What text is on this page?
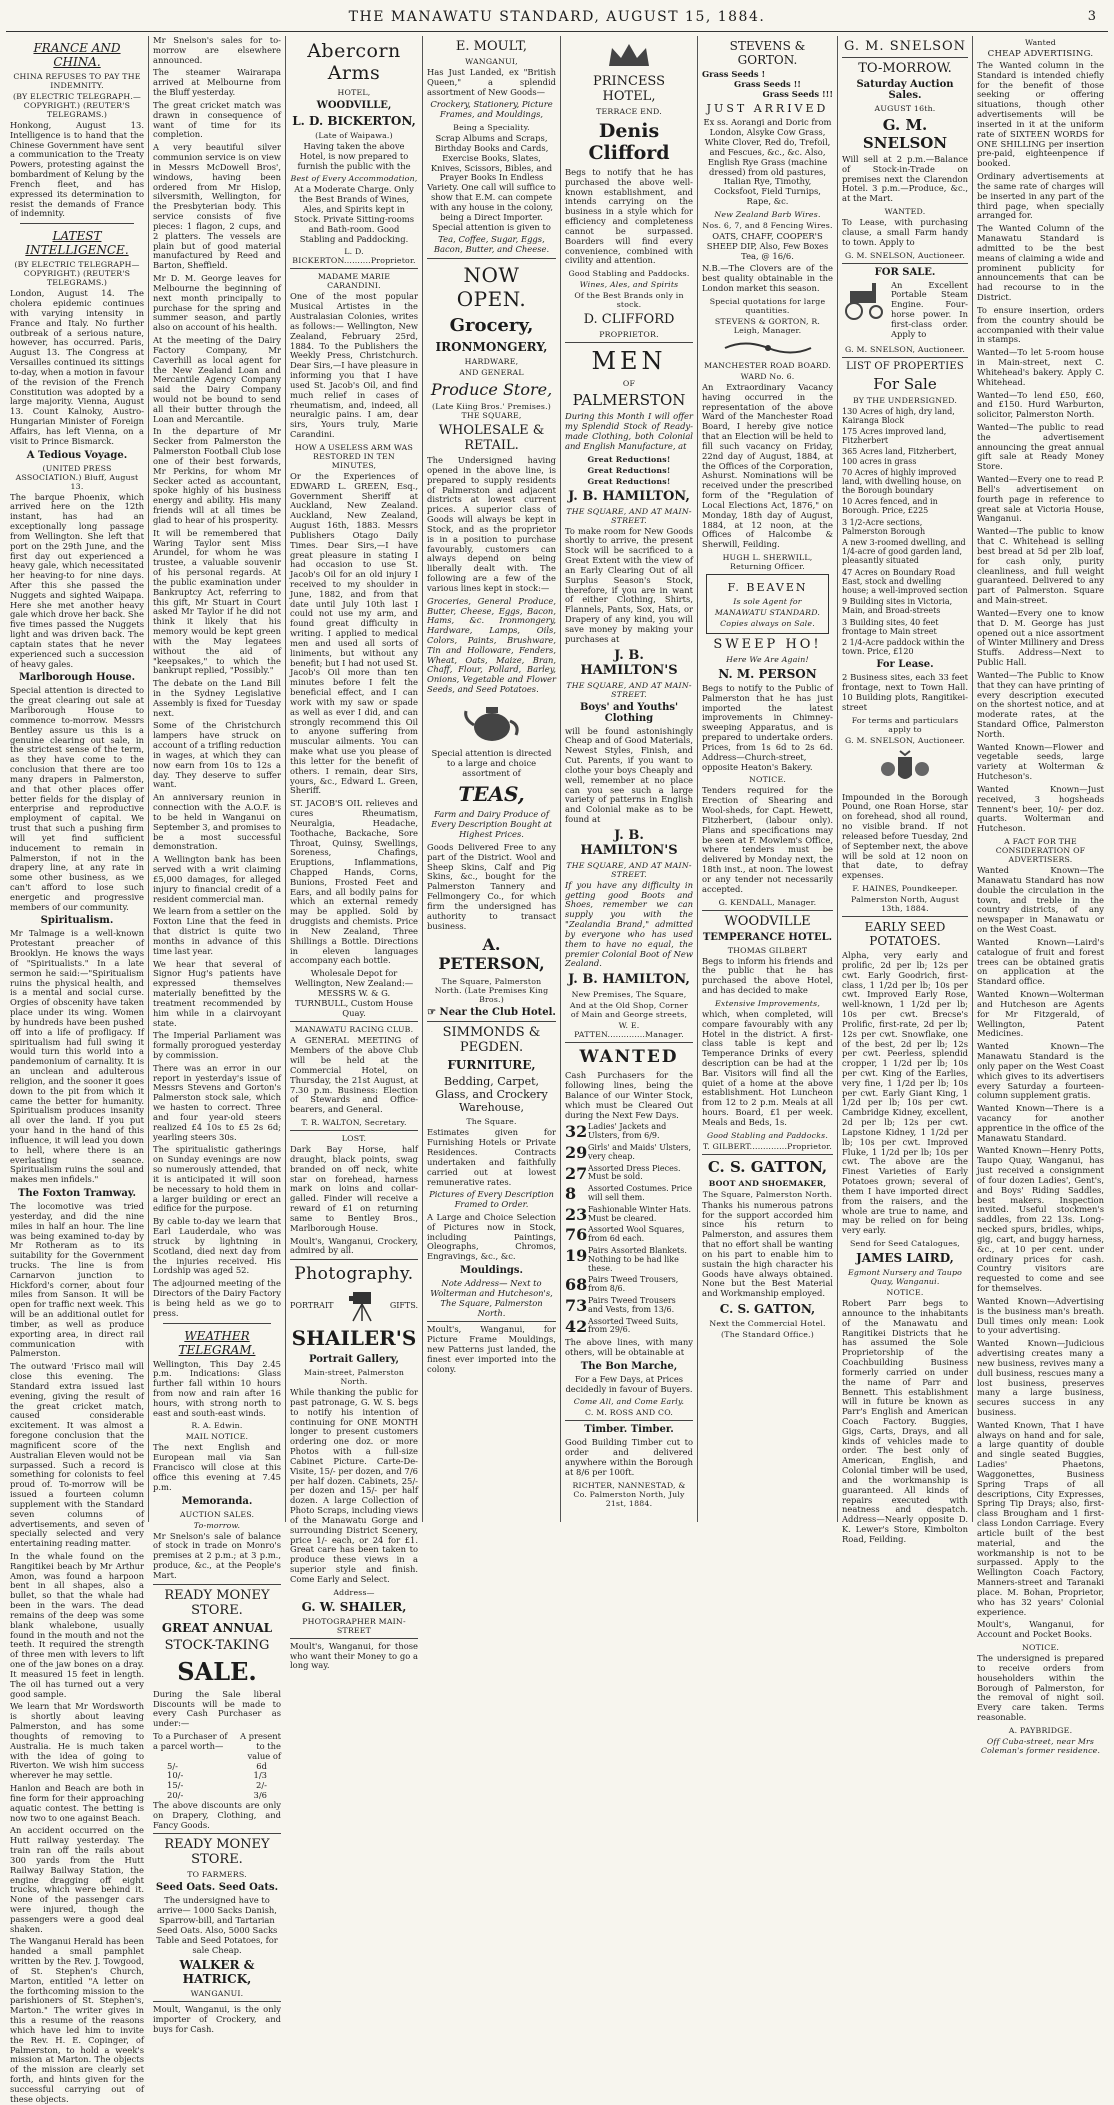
THE MANAWATU STANDARD, AUGUST 15, 1884.	3
FRANCE AND CHINA.
CHINA REFUSES TO PAY THE INDEMNITY.
(BY ELECTRIC TELEGRAPH.—COPYRIGHT.) (REUTER'S TELEGRAMS.)

Honkong, August 13. Intelligence is to hand that the Chinese Government have sent a communication to the Treaty Powers, protesting against the bombardment of Kelung by the French fleet, and has expressed its determination to resist the demands of France of indemnity.

LATEST INTELLIGENCE.
(BY ELECTRIC TELEGRAPH—COPYRIGHT.) (REUTER'S TELEGRAMS.)

London, August 14. The cholera epidemic continues with varying intensity in France and Italy. No further outbreak of a serious nature, however, has occurred. Paris, August 13. The Congress at Versailles continued its sittings to-day, when a motion in favour of the revision of the French Constitution was adopted by a large majority. Vienna, August 13. Count Kalnoky, Austro-Hungarian Minister of Foreign Affairs, has left Vienna, on a visit to Prince Bismarck.

A Tedious Voyage.
(UNITED PRESS ASSOCIATION.) Bluff, August 13.

The barque Phoenix, which arrived here on the 12th instant, has had an exceptionally long passage from Wellington. She left that port on the 29th June, and the first day out experienced a heavy gale, which necessitated her heaving-to for nine days. After this she passed the Nuggets and sighted Waipapa. Here she met another heavy gale which drove her back. She five times passed the Nuggets light and was driven back. The captain states that he never experienced such a succession of heavy gales.

Marlborough House.

Special attention is directed to the great clearing out sale at Marlborough House to commence to-morrow. Messrs Bentley assure us this is a genuine clearing out sale, in the strictest sense of the term, as they have come to the conclusion that there are too many drapers in Palmerston, and that other places offer better fields for the display of enterprise and reproductive employment of capital. We trust that such a pushing firm will yet find sufficient inducement to remain in Palmerston, if not in the drapery line, at any rate in some other business, as we can't afford to lose such energetic and progressive members of our community.

Spiritualism.

Mr Talmage is a well-known Protestant preacher of Brooklyn. He knows the ways of "Spiritualists." In a late sermon he said:—"Spiritualism ruins the physical health, and is a mental and social curse. Orgies of obscenity have taken place under its wing. Women by hundreds have been pushed off into a life of profligacy. If spiritualism had full swing it would turn this world into a pandemonium of carnality. It is an unclean and adulterous religion, and the sooner it goes down to the pit from which it came the better for humanity. Spiritualism produces insanity all over the land. If you put your hand in the hand of this influence, it will lead you down to hell, where there is an everlasting seance. Spiritualism ruins the soul and makes men infidels."

The Foxton Tramway.

The locomotive was tried yesterday, and did the nine miles in half an hour. The line was being examined to-day by Mr Rotheram as to its suitability for the Government trucks. The line is from Carnarvon junction to Hickford's corner, about four miles from Sanson. It will be open for traffic next week. This will be an additional outlet for timber, as well as produce exporting area, in direct rail communication with Palmerston.

The outward 'Frisco mail will close this evening. The Standard extra issued last evening, giving the result of the great cricket match, caused considerable excitement. It was almost a foregone conclusion that the magnificent score of the Australian Eleven would not be surpassed. Such a record is something for colonists to feel proud of. To-morrow will be issued a fourteen column supplement with the Standard seven columns of advertisements, and seven of specially selected and very entertaining reading matter.

In the whale found on the Rangitikei beach by Mr Arthur Amon, was found a harpoon bent in all shapes, also a bullet, so that the whale had been in the wars. The dead remains of the deep was some blank whalebone, usually found in the mouth and not the teeth. It required the strength of three men with levers to lift one of the jaw bones on a dray. It measured 15 feet in length. The oil has turned out a very good sample.

We learn that Mr Wordsworth is shortly about leaving Palmerston, and has some thoughts of removing to Australia. He is much taken with the idea of going to Riverton. We wish him success wherever he may settle.

Hanlon and Beach are both in fine form for their approaching aquatic contest. The betting is now two to one against Beach.

An accident occurred on the Hutt railway yesterday. The train ran off the rails about 300 yards from the Hutt Railway Bailway Station, the engine dragging off eight trucks, which were behind it. None of the passenger cars were injured, though the passengers were a good deal shaken.

The Wanganui Herald has been handed a small pamphlet written by the Rev. J. Towgood, of St. Stephen's Church, Marton, entitled "A letter on the forthcoming mission to the parishioners of St. Stephen's, Marton." The writer gives in this a resume of the reasons which have led him to invite the Rev. H. E. Copinger, of Palmerston, to hold a week's mission at Marton. The objects of the mission are clearly set forth, and hints given for the successful carrying out of these objects.

Mr Snelson's sales for to-morrow are elsewhere announced.

The steamer Wairarapa arrived at Melbourne from the Bluff yesterday.

The great cricket match was drawn in consequence of want of time for its completion.

A very beautiful silver communion service is on view in Messrs McDowell Bros', windows, having been ordered from Mr Hislop, silversmith, Wellington, for the Presbyterian body. This service consists of five pieces: 1 flagon, 2 cups, and 2 platters. The vessels are plain but of good material manufactured by Reed and Barton, Sheffield.

Mr D. M. George leaves for Melbourne the beginning of next month principally to purchase for the spring and summer season, and partly also on account of his health.

At the meeting of the Dairy Factory Company, Mr Caverhill as local agent for the New Zealand Loan and Mercantile Agency Company said the Dairy Company would not be bound to send all their butter through the Loan and Mercantile.

In the departure of Mr Secker from Palmerston the Palmerston Football Club lose one of their best forwards, Mr Perkins, for whom Mr Secker acted as accountant, spoke highly of his business energy and ability. His many friends will at all times be glad to hear of his prosperity.

It will be remembered that Waring Taylor sent Miss Arundel, for whom he was trustee, a valuable souvenir of his personal regards. At the public examination under Bankruptcy Act, referring to this gift, Mr Stuart in Court asked Mr Taylor if he did not think it likely that his memory would be kept green with the May legatees without the aid of "keepsakes," to which the bankrupt replied, "Possibly."

The debate on the Land Bill in the Sydney Legislative Assembly is fixed for Tuesday next.

Some of the Christchurch lampers have struck on account of a trifling reduction in wages, at which they can now earn from 10s to 12s a day. They deserve to suffer want.

An anniversary reunion in connection with the A.O.F. is to be held in Wanganui on September 3, and promises to be a most successful demonstration.

A Wellington bank has been served with a writ claiming £5,000 damages, for alleged injury to financial credit of a resident commercial man.

We learn from a settler on the Foxton Line that the feed in that district is quite two months in advance of this time last year.

We hear that several of Signor Hug's patients have expressed themselves materially benefitted by the treatment recommended by him while in a clairvoyant state.

The Imperial Parliament was formally prorogued yesterday by commission.

There was an error in our report in yesterday's issue of Messrs Stevens and Gorton's Palmerston stock sale, which we hasten to correct. Three and four year-old steers realized £4 10s to £5 2s 6d; yearling steers 30s.

The spiritualistic gatherings on Sunday evenings are now so numerously attended, that it is anticipated it will soon be necessary to hold them in a larger building or erect an edifice for the purpose.

By cable to-day we learn that Earl Lauderdale, who was struck by lightning in Scotland, died next day from the injuries received. His Lordship was aged 52.

The adjourned meeting of the Directors of the Dairy Factory is being held as we go to press.

WEATHER TELEGRAM.

Wellington, This Day 2.45 p.m. Indications: Glass further fall within 10 hours from now and rain after 16 hours, with strong north to east and south-east winds.

R. A. Edwin.
MAIL NOTICE.

The next English and European mail via San Francisco will close at this office this evening at 7.45 p.m.

Memoranda.
AUCTION SALES.
To-morrow.

Mr Snelson's sale of balance of stock in trade on Monro's premises at 2 p.m.; at 3 p.m., produce, &c., at the People's Mart.

READY MONEY STORE.
GREAT ANNUAL
STOCK-TAKING
SALE.

During the Sale liberal Discounts will be made to every Cash Purchaser as under:—

To a Purchaser of a parcel worth—
A present to the value of
5/-	6d
10/-	1/3
15/-	2/-
20/-	3/6

The above discounts are only on Drapery, Clothing, and Fancy Goods.

READY MONEY STORE.
TO FARMERS.
Seed Oats. Seed Oats.

The undersigned have to arrive— 1000 Sacks Danish, Sparrow-bill, and Tartarian Seed Oats. Also, 5000 Sacks Table and Seed Potatoes, for sale Cheap.

WALKER & HATRICK,
WANGANUI.

Moult, Wanganui, is the only importer of Crockery, and buys for Cash.

Abercorn Arms
HOTEL,
WOODVILLE,
L. D. BICKERTON,
(Late of Waipawa.)

Having taken the above Hotel, is now prepared to furnish the public with the

Best of Every Accommodation,

At a Moderate Charge. Only the Best Brands of Wines, Ales, and Spirits kept in Stock. Private Sitting-rooms and Bath-room. Good Stabling and Paddocking.

L. D. BICKERTON..........Proprietor.
MADAME MARIE CARANDINI.

One of the most popular Musical Artistes in the Australasian Colonies, writes as follows:— Wellington, New Zealand, February 25rd, 1884. To the Publishers the Weekly Press, Christchurch. Dear Sirs,—I have pleasure in informing you that I have used St. Jacob's Oil, and find much relief in cases of rheumatism, and, indeed, all neuralgic pains. I am, dear sirs, Yours truly, Marie Carandini.

HOW A USELESS ARM WAS RESTORED IN TEN MINUTES,

Or the Experiences of EDWARD L. GREEN, Esq., Government Sheriff at Auckland, New Zealand. Auckland, New Zealand, August 16th, 1883. Messrs Publishers Otago Daily Times. Dear Sirs,—I have great pleasure in stating I had occasion to use St. Jacob's Oil for an old injury I received to my shoulder in June, 1882, and from that date until July 10th last I could not use my arm, and found great difficulty in writing. I applied to medical men and used all sorts of liniments, but without any benefit; but I had not used St. Jacob's Oil more than ten minutes before I felt the beneficial effect, and I can work with my saw or spade as well as ever I did, and can strongly recommend this Oil to anyone suffering from muscular ailments. You can make what use you please of this letter for the benefit of others. I remain, dear Sirs, yours, &c., Edward L. Green, Sheriff.

ST. JACOB'S OIL relieves and cures Rheumatism, Neuralgia, Headache, Toothache, Backache, Sore Throat, Quinsy, Swellings, Soreness, Chafings, Eruptions, Inflammations, Chapped Hands, Corns, Bunions, Frosted Feet and Ears, and all bodily pains for which an external remedy may be applied. Sold by druggists and chemists. Price in New Zealand, Three Shillings a Bottle. Directions in eleven languages accompany each bottle.

Wholesale Depot for Wellington, New Zealand:— MESSRS W. & G. TURNBULL, Custom House Quay.

MANAWATU RACING CLUB.

A GENERAL MEETING of Members of the above Club will be held at the Commercial Hotel, on Thursday, the 21st August, at 7.30 p.m. Business: Election of Stewards and Office-bearers, and General.

T. R. WALTON, Secretary.
LOST.

Dark Bay Horse, half draught, black points, swag branded on off neck, white star on forehead, harness mark on loins and collar-galled. Finder will receive a reward of £1 on returning same to Bentley Bros., Marlborough House.

Moult's, Wanganui, Crockery, admired by all.

Photography.
PORTRAIT	GIFTS.
SHAILER'S
Portrait Gallery,
Main-street, Palmerston North.

While thanking the public for past patronage, G. W. S. begs to notify his intention of continuing for ONE MONTH longer to present customers ordering one doz. or more Photos with a full-size Cabinet Picture. Carte-De-Visite, 15/- per dozen, and 7/6 per half dozen. Cabinets, 25/- per dozen and 15/- per half dozen. A large Collection of Photo Scraps, including views of the Manawatu Gorge and surrounding District Scenery, price 1/- each, or 24 for £1. Great care has been taken to produce these views in a superior style and finish. Come Early and Select.

Address—
G. W. SHAILER,
PHOTOGRAPHER MAIN-STREET

Moult's, Wanganui, for those who want their Money to go a long way.

E. MOULT,
WANGANUI,

Has Just Landed, ex "British Queen," a splendid assortment of New Goods—

Crockery, Stationery, Picture Frames, and Mouldings,

Being a Speciality.

Scrap Albums and Scraps, Birthday Books and Cards, Exercise Books, Slates, Knives, Scissors, Bibles, and Prayer Books In Endless Variety. One call will suffice to show that E.M. can compete with any house in the colony, being a Direct Importer. Special attention is given to

Tea, Coffee, Sugar, Eggs, Bacon, Butter, and Cheese.

NOW OPEN.
Grocery,
IRONMONGERY,
HARDWARE,
AND GENERAL
Produce Store,
(Late Kiing Bros.' Premises.) THE SQUARE,
WHOLESALE & RETAIL.

The Undersigned having opened in the above line, is prepared to supply residents of Palmerston and adjacent districts at lowest current prices. A superior class of Goods will always be kept in Stock, and as the proprietor is in a position to purchase favourably, customers can always depend on being liberally dealt with. The following are a few of the various lines kept in stock:—

Groceries, General Produce, Butter, Cheese, Eggs, Bacon, Hams, &c. Ironmongery, Hardware, Lamps, Oils, Colors, Paints, Brushware, Tin and Holloware, Fenders, Wheat, Oats, Maize, Bran, Chaff, Flour, Pollard, Barley, Onions, Vegetable and Flower Seeds, and Seed Potatoes.

Special attention is directed to a large and choice assortment of

TEAS,

Farm and Dairy Produce of Every Description Bought at Highest Prices.

Goods Delivered Free to any part of the District. Wool and Sheep Skins, Calf and Pig Skins, &c., bought for the Palmerston Tannery and Fellmongery Co., for which firm the undersigned has authority to transact business.

A. PETERSON,
The Square, Palmerston North. (Late Premises King Bros.)
☞ Near the Club Hotel.
SIMMONDS & PEGDEN.
FURNITURE,
Bedding, Carpet, Glass, and Crockery Warehouse,
The Square.

Estimates given for Furnishing Hotels or Private Residences. Contracts undertaken and faithfully carried out at lowest remunerative rates.

Pictures of Every Description Framed to Order.

A Large and Choice Selection of Pictures now in Stock, including Paintings, Oleographs, Chromos, Engravings, &c., &c.

Mouldings.

Note Address— Next to Wolterman and Hutcheson's, The Square, Palmerston North.

Moult's, Wanganui, for Picture Frame Mouldings, new Patterns just landed, the finest ever imported into the colony.

PRINCESS HOTEL,
TERRACE END.
Denis Clifford

Begs to notify that he has purchased the above well-known establishment, and intends carrying on the business in a style which for efficiency and completeness cannot be surpassed. Boarders will find every convenience, combined with civility and attention.

Good Stabling and Paddocks.
Wines, Ales, and Spirits
Of the Best Brands only in stock.
D. CLIFFORD
PROPRIETOR.
MEN
OF
PALMERSTON

During this Month I will offer my Splendid Stock of Ready-made Clothing, both Colonial and English Manufacture, at

Great Reductions!
Great Reductions!
Great Reductions!
J. B. HAMILTON,
THE SQUARE, AND AT MAIN-STREET.

To make room for New Goods shortly to arrive, the present Stock will be sacrificed to a Great Extent with the view of an Early Clearing Out of all Surplus Season's Stock, therefore, if you are in want of either Clothing, Shirts, Flannels, Pants, Sox, Hats, or Drapery of any kind, you will save money by making your purchases at

J. B. HAMILTON'S
THE SQUARE, AND AT MAIN-STREET.
Boys' and Youths' Clothing

will be found astonishingly Cheap and of Good Materials, Newest Styles, Finish, and Cut. Parents, if you want to clothe your boys Cheaply and well, remember at no place can you see such a large variety of patterns in English and Colonial make as to be found at

J. B. HAMILTON'S
THE SQUARE, AND AT MAIN-STREET.

If you have any difficulty in getting good Boots and Shoes, remember we can supply you with the "Zealandia Brand," admitted by everyone who has used them to have no equal, the premier Colonial Boot of New Zealand.

J. B. HAMILTON,
New Premises, The Square,
And at the Old Shop, Corner of Main and George streets,
W. E. PATTEN..............Manager.
WANTED

Cash Purchasers for the following lines, being the Balance of our Winter Stock, which must be Cleared Out during the Next Few Days.

32 Ladies' Jackets and Ulsters, from 6/9.
29 Girls' and Maids' Ulsters, very cheap.
27 Assorted Dress Pieces. Must be sold.
8	Assorted Costumes. Price will sell them.
23 Fashionable Winter Hats. Must be cleared.
76 Assorted Wool Squares, from 6d each.
19 Pairs Assorted Blankets. Nothing to be had like these.
68 Pairs Tweed Trousers, from 8/6.
73 Pairs Tweed Trousers and Vests, from 13/6.
42 Assorted Tweed Suits, from 29/6.

The above lines, with many others, will be obtainable at

The Bon Marche,

For a Few Days, at Prices decidedly in favour of Buyers.

Come All, and Come Early.
C. M. ROSS AND CO.
Timber. Timber.

Good Building Timber cut to order and delivered anywhere within the Borough at 8/6 per 100ft.

RICHTER, NANNESTAD, & Co. Palmerston North, July 21st, 1884.
STEVENS & GORTON.
Grass Seeds !
Grass Seeds !!
Grass Seeds !!!
JUST ARRIVED

Ex ss. Aorangi and Doric from London, Alsyke Cow Grass, White Clover, Red do, Trefoil, and Fescues, &c., &c. Also, English Rye Grass (machine dressed) from old pastures, Italian Rye, Timothy, Cocksfoot, Field Turnips, Rape, &c.

New Zealand Barb Wires.
Nos. 6, 7, and 8 Fencing Wires.

OATS, CHAFF, COOPER'S SHEEP DIP, Also, Few Boxes Tea, @ 16/6.

N.B.—The Clovers are of the best quality obtainable in the London market this season.

Special quotations for large quantities.
STEVENS & GORTON, R. Leigh, Manager.
MANCHESTER ROAD BOARD.
WARD No. 6.

An Extraordinary Vacancy having occurred in the representation of the above Ward of the Manchester Road Board, I hereby give notice that an Election will be held to fill such vacancy on Friday, 22nd day of August, 1884, at the Offices of the Corporation, Ashurst. Nominations will be received under the prescribed form of the "Regulation of Local Elections Act, 1876," on Monday, 18th day of August, 1884, at 12 noon, at the Offices of Halcombe & Sherwill, Feilding.

HUGH L. SHERWILL, Returning Officer.
F. BEAVEN
Is sole Agent for
MANAWATU STANDARD.
Copies always on Sale.
SWEEP HO!
Here We Are Again!
N. M. PERSON

Begs to notify to the Public of Palmerston that he has just imported the latest improvements in Chimney-sweeping Apparatus, and is prepared to undertake orders. Prices, from 1s 6d to 2s 6d. Address—Church-street, opposite Heaton's Bakery.

NOTICE.

Tenders required for the Erection of Shearing and Wool-sheds, for Capt. Hewett, Fitzherbert, (labour only). Plans and specifications may be seen at F. Mowlem's Office, where tenders must be delivered by Monday next, the 18th inst., at noon. The lowest or any tender not necessarily accepted.

G. KENDALL, Manager.
WOODVILLE
TEMPERANCE HOTEL.
THOMAS GILBERT

Begs to inform his friends and the public that he has purchased the above Hotel, and has decided to make

Extensive Improvements,

which, when completed, will compare favourably with any Hotel in the district. A first-class table is kept and Temperance Drinks of every description can be had at the Bar. Visitors will find all the quiet of a home at the above establishment. Hot Luncheon from 12 to 2 p.m. Meals at all hours. Board, £1 per week. Meals and Beds, 1s.

Good Stabling and Paddocks.
T. GILBERT..............Proprietor.
C. S. GATTON,
BOOT AND SHOEMAKER,
The Square, Palmerston North.

Thanks his numerous patrons for the support accorded him since his return to Palmerston, and assures them that no effort shall be wanting on his part to enable him to sustain the high character his Goods have always obtained. None but the Best Material and Workmanship employed.

C. S. GATTON,
Next the Commercial Hotel.
(The Standard Office.)
G. M. SNELSON
TO-MORROW.
Saturday Auction Sales.
AUGUST 16th.
G. M. SNELSON

Will sell at 2 p.m.—Balance of Stock-in-Trade on premises next the Clarendon Hotel. 3 p.m.—Produce, &c., at the Mart.

WANTED.

To Lease, with purchasing clause, a small Farm handy to town. Apply to

G. M. SNELSON, Auctioneer.
FOR SALE.

An Excellent Portable Steam Engine. Four-horse power. In first-class order. Apply to

G. M. SNELSON, Auctioneer.
LIST OF PROPERTIES
For Sale
BY THE UNDERSIGNED.
130 Acres of high, dry land, Kairanga Block
175 Acres improved land, Fitzherbert
365 Acres land, Fitzherbert, 100 acres in grass
70 Acres of highly improved land, with dwelling house, on the Borough boundary
10 Acres fenced, and in Borough. Price, £225
3 1/2-Acre sections, Palmerston Borough
A new 3-roomed dwelling, and 1/4-acre of good garden land, pleasantly situated
47 Acres on Boundary Road East, stock and dwelling house; a well-improved section
9 Building sites in Victoria, Main, and Broad-streets
3 Building sites, 40 feet frontage to Main street
2 1/4-Acre paddock within the town. Price, £120
For Lease.

2 Business sites, each 33 feet frontage, next to Town Hall. 10 Building plots, Rangitikei-street

For terms and particulars apply to
G. M. SNELSON, Auctioneer.

Impounded in the Borough Pound, one Roan Horse, star on forehead, shod all round, no visible brand. If not released before Tuesday, 2nd of September next, the above will be sold at 12 noon on that date, to defray expenses.

F. HAINES, Poundkeeper.
Palmerston North, August 13th, 1884.
EARLY SEED POTATOES.

Alpha, very early and prolific, 2d per lb; 12s per cwt. Early Goodrich, first-class, 1 1/2d per lb; 10s per cwt. Improved Early Rose, well-known, 1 1/2d per lb; 10s per cwt. Brecse's Prolific, first-rate, 2d per lb; 12s per cwt. Snowflake, one of the best, 2d per lb; 12s per cwt. Peerless, splendid cropper, 1 1/2d per lb; 10s per cwt. King of the Earlies, very fine, 1 1/2d per lb; 10s per cwt. Early Giant King, 1 1/2d per lb; 10s per cwt. Cambridge Kidney, excellent, 2d per lb; 12s per cwt. Lapstone Kidney, 1 1/2d per lb; 10s per cwt. Improved Fluke, 1 1/2d per lb; 10s per cwt. The above are the Finest Varieties of Early Potatoes grown; several of them I have imported direct from the raisers, and the whole are true to name, and may be relied on for being very early.

Send for Seed Catalogues,
JAMES LAIRD,
Egmont Nursery and Taupo Quay, Wanganui.
NOTICE.

Robert Parr begs to announce to the inhabitants of the Manawatu and Rangitikei Districts that he has assumed the Sole Proprietorship of the Coachbuilding Business formerly carried on under the name of Parr and Bennett. This establishment will in future be known as Parr's English and American Coach Factory. Buggies, Gigs, Carts, Drays, and all kinds of vehicles made to order. The best only of American, English, and Colonial timber will be used, and the workmanship is guaranteed. All kinds of repairs executed with neatness and despatch. Address—Nearly opposite D. K. Lewer's Store, Kimbolton Road, Feilding.

Wanted
CHEAP ADVERTISING.

The Wanted column in the Standard is intended chiefly for the benefit of those seeking or offering situations, though other advertisements will be inserted in it at the uniform rate of SIXTEEN WORDS for ONE SHILLING per insertion pre-paid, eighteenpence if booked.

Ordinary advertisements at the same rate of charges will be inserted in any part of the third page, when specially arranged for.

The Wanted Column of the Manawatu Standard is admitted to be the best means of claiming a wide and prominent publicity for announcements that can be had recourse to in the District.

To ensure insertion, orders from the country should be accompanied with their value in stamps.

Wanted—To let 5-room house in Main-street, next C. Whitehead's bakery. Apply C. Whitehead.

Wanted—To lend £50, £60, and £150. Hurd Warburton, solicitor, Palmerston North.

Wanted—The public to read the advertisement announcing the great annual gift sale at Ready Money Store.

Wanted—Every one to read P. Bell's advertisement on fourth page in reference to great sale at Victoria House, Wanganui.

Wanted—The public to know that C. Whitehead is selling best bread at 5d per 2lb loaf, for cash only, purity cleanliness, and full weight guaranteed. Delivered to any part of Palmerston. Square and Main-street.

Wanted—Every one to know that D. M. George has just opened out a nice assortment of Winter Millinery and Dress Stuffs. Address—Next to Public Hall.

Wanted—The Public to Know that they can have printing of every description executed on the shortest notice, and at moderate rates, at the Standard Office, Palmerston North.

Wanted Known—Flower and vegetable seeds, large variety at Wolterman & Hutcheson's.

Wanted Known—Just received, 3 hogsheads Tennent's beer, 10/- per doz. quarts. Wolterman and Hutcheson.

A FACT FOR THE CONSIDERATION OF ADVERTISERS.

Wanted Known—The Manawatu Standard has now double the circulation in the town, and treble in the country districts, of any newspaper in Manawatu or on the West Coast.

Wanted Known—Laird's catalogue of fruit and forest trees can be obtained gratis on application at the Standard office.

Wanted Known—Wolterman and Hutcheson are Agents for Mr Fitzgerald, of Wellington, Patent Medicines.

Wanted Known—The Manawatu Standard is the only paper on the West Coast which gives to its advertisers every Saturday a fourteen-column supplement gratis.

Wanted Known—There is a vacancy for another apprentice in the office of the Manawatu Standard.

Wanted Known—Henry Potts, Taupo Quay, Wanganui, has just received a consignment of four dozen Ladies', Gent's, and Boys' Riding Saddles, best makers. Inspection invited. Useful stockmen's saddles, from 22 13s. Long-necked spurs, bridles, whips, gig, cart, and buggy harness, &c., at 10 per cent. under ordinary prices for cash. Country visitors are requested to come and see for themselves.

Wanted Known—Advertising is the business man's breath. Dull times only mean: Look to your advertising.

Wanted Known—Judicious advertising creates many a new business, revives many a dull business, rescues many a lost business, preserves many a large business, secures success in any business.

Wanted Known, That I have always on hand and for sale, a large quantity of double and single seated Buggies, Ladies' Phaetons, Waggonettes, Business Spring Traps of all descriptions, City Expresses, Spring Tip Drays; also, first-class Brougham and 1 first-class London Carriage. Every article built of the best material, and the workmanship is not to be surpassed. Apply to the Wellington Coach Factory, Manners-street and Taranaki place. M. Bohan, Proprietor, who has 32 years' Colonial experience.

Moult's, Wanganui, for Account and Pocket Books.

NOTICE.

The undersigned is prepared to receive orders from householders within the Borough of Palmerston, for the removal of night soil. Every care taken. Terms reasonable.

A. PAYBRIDGE.
Off Cuba-street, near Mrs Coleman's former residence.
